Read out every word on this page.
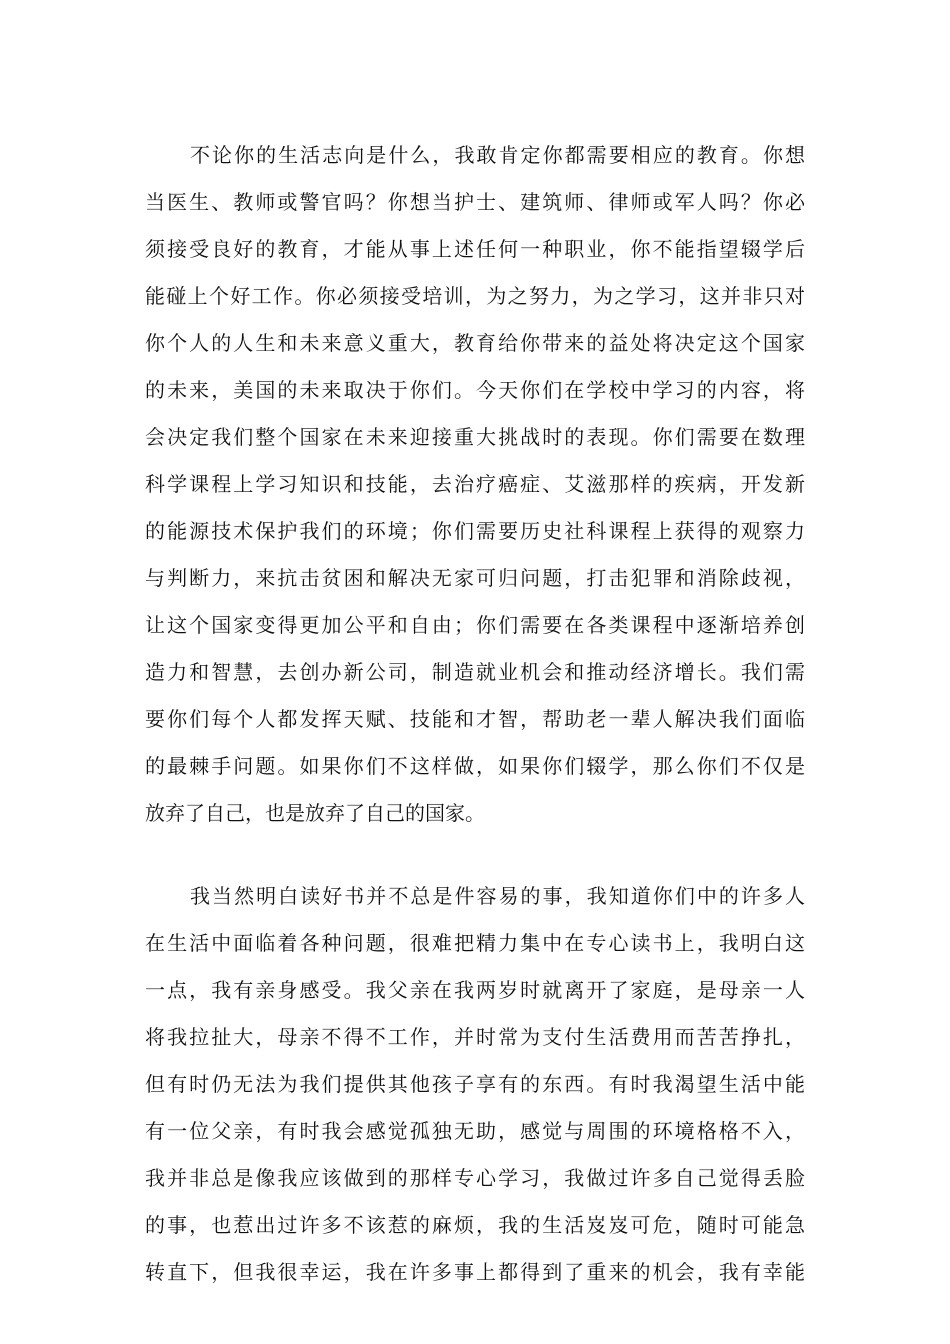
不论你的生活志向是什么，我敢肯定你都需要相应的教育。你想
当医生、教师或警官吗？你想当护士、建筑师、律师或军人吗？你必
须接受良好的教育，才能从事上述任何一种职业，你不能指望辍学后
能碰上个好工作。你必须接受培训，为之努力，为之学习，这并非只对
你个人的人生和未来意义重大，教育给你带来的益处将决定这个国家
的未来，美国的未来取决于你们。今天你们在学校中学习的内容，将
会决定我们整个国家在未来迎接重大挑战时的表现。你们需要在数理
科学课程上学习知识和技能，去治疗癌症、艾滋那样的疾病，开发新
的能源技术保护我们的环境；你们需要历史社科课程上获得的观察力
与判断力，来抗击贫困和解决无家可归问题，打击犯罪和消除歧视，
让这个国家变得更加公平和自由；你们需要在各类课程中逐渐培养创
造力和智慧，去创办新公司，制造就业机会和推动经济增长。我们需
要你们每个人都发挥天赋、技能和才智，帮助老一辈人解决我们面临
的最棘手问题。如果你们不这样做，如果你们辍学，那么你们不仅是
放弃了自己，也是放弃了自己的国家。
我当然明白读好书并不总是件容易的事，我知道你们中的许多人
在生活中面临着各种问题，很难把精力集中在专心读书上，我明白这
一点，我有亲身感受。我父亲在我两岁时就离开了家庭，是母亲一人
将我拉扯大，母亲不得不工作，并时常为支付生活费用而苦苦挣扎，
但有时仍无法为我们提供其他孩子享有的东西。有时我渴望生活中能
有一位父亲，有时我会感觉孤独无助，感觉与周围的环境格格不入，
我并非总是像我应该做到的那样专心学习，我做过许多自己觉得丢脸
的事，也惹出过许多不该惹的麻烦，我的生活岌岌可危，随时可能急
转直下，但我很幸运，我在许多事上都得到了重来的机会，我有幸能
